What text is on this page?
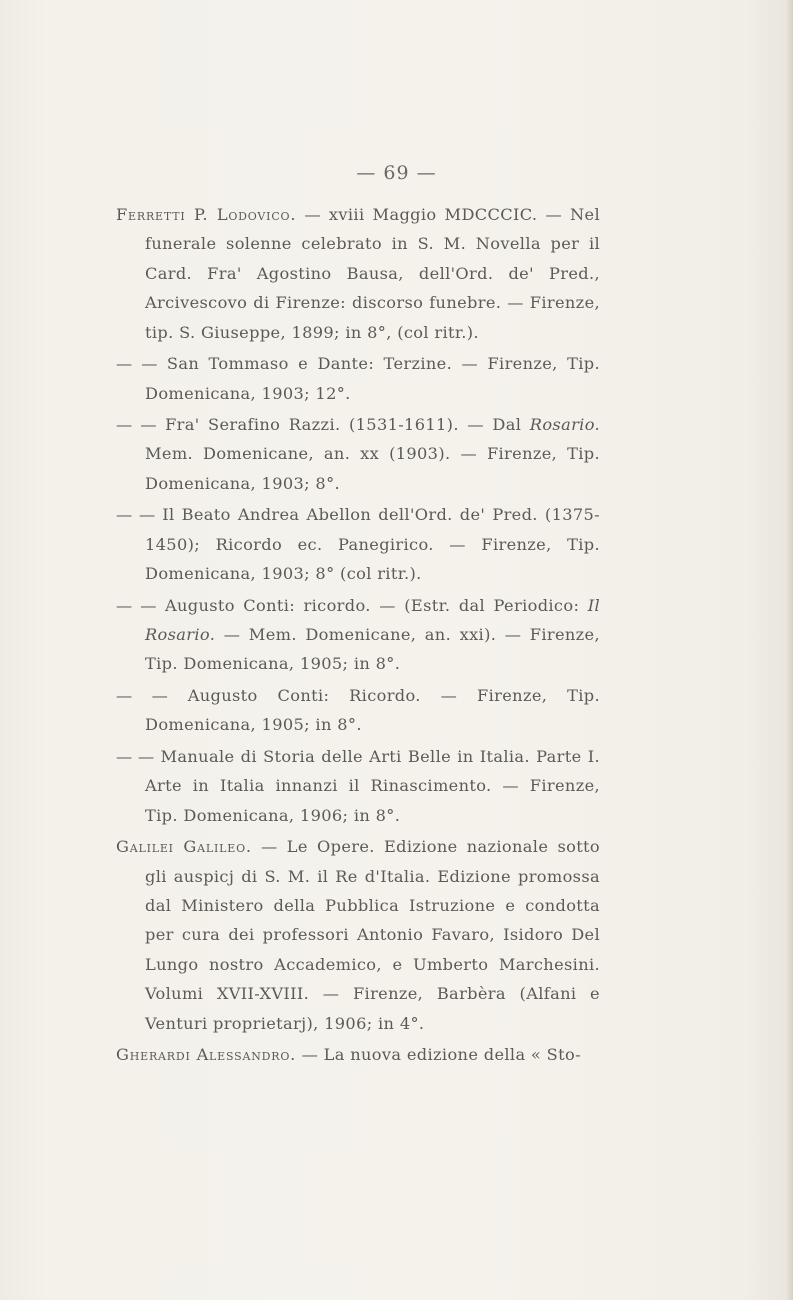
— 69 —

Ferretti P. Lodovico. — xviii Maggio MDCCCIC. — Nel funerale solenne celebrato in S. M. Novella per il Card. Fra' Agostino Bausa, dell'Ord. de' Pred., Arcivescovo di Firenze: discorso funebre. — Firenze, tip. S. Giuseppe, 1899; in 8°, (col ritr.).

— — San Tommaso e Dante: Terzine. — Firenze, Tip. Domenicana, 1903; 12°.

— — Fra' Serafino Razzi. (1531-1611). — Dal Rosario. Mem. Domenicane, an. xx (1903). — Firenze, Tip. Domenicana, 1903; 8°.

— — Il Beato Andrea Abellon dell'Ord. de' Pred. (1375-1450); Ricordo ec. Panegirico. — Firenze, Tip. Domenicana, 1903; 8° (col ritr.).

— — Augusto Conti: ricordo. — (Estr. dal Periodico: Il Rosario. — Mem. Domenicane, an. xxi). — Firenze, Tip. Domenicana, 1905; in 8°.

— — Augusto Conti: Ricordo. — Firenze, Tip. Domenicana, 1905; in 8°.

— — Manuale di Storia delle Arti Belle in Italia. Parte I. Arte in Italia innanzi il Rinascimento. — Firenze, Tip. Domenicana, 1906; in 8°.

Galilei Galileo. — Le Opere. Edizione nazionale sotto gli auspicj di S. M. il Re d'Italia. Edizione promossa dal Ministero della Pubblica Istruzione e condotta per cura dei professori Antonio Favaro, Isidoro Del Lungo nostro Accademico, e Umberto Marchesini. Volumi XVII-XVIII. — Firenze, Barbèra (Alfani e Venturi proprietarj), 1906; in 4°.

Gherardi Alessandro. — La nuova edizione della « Sto-
